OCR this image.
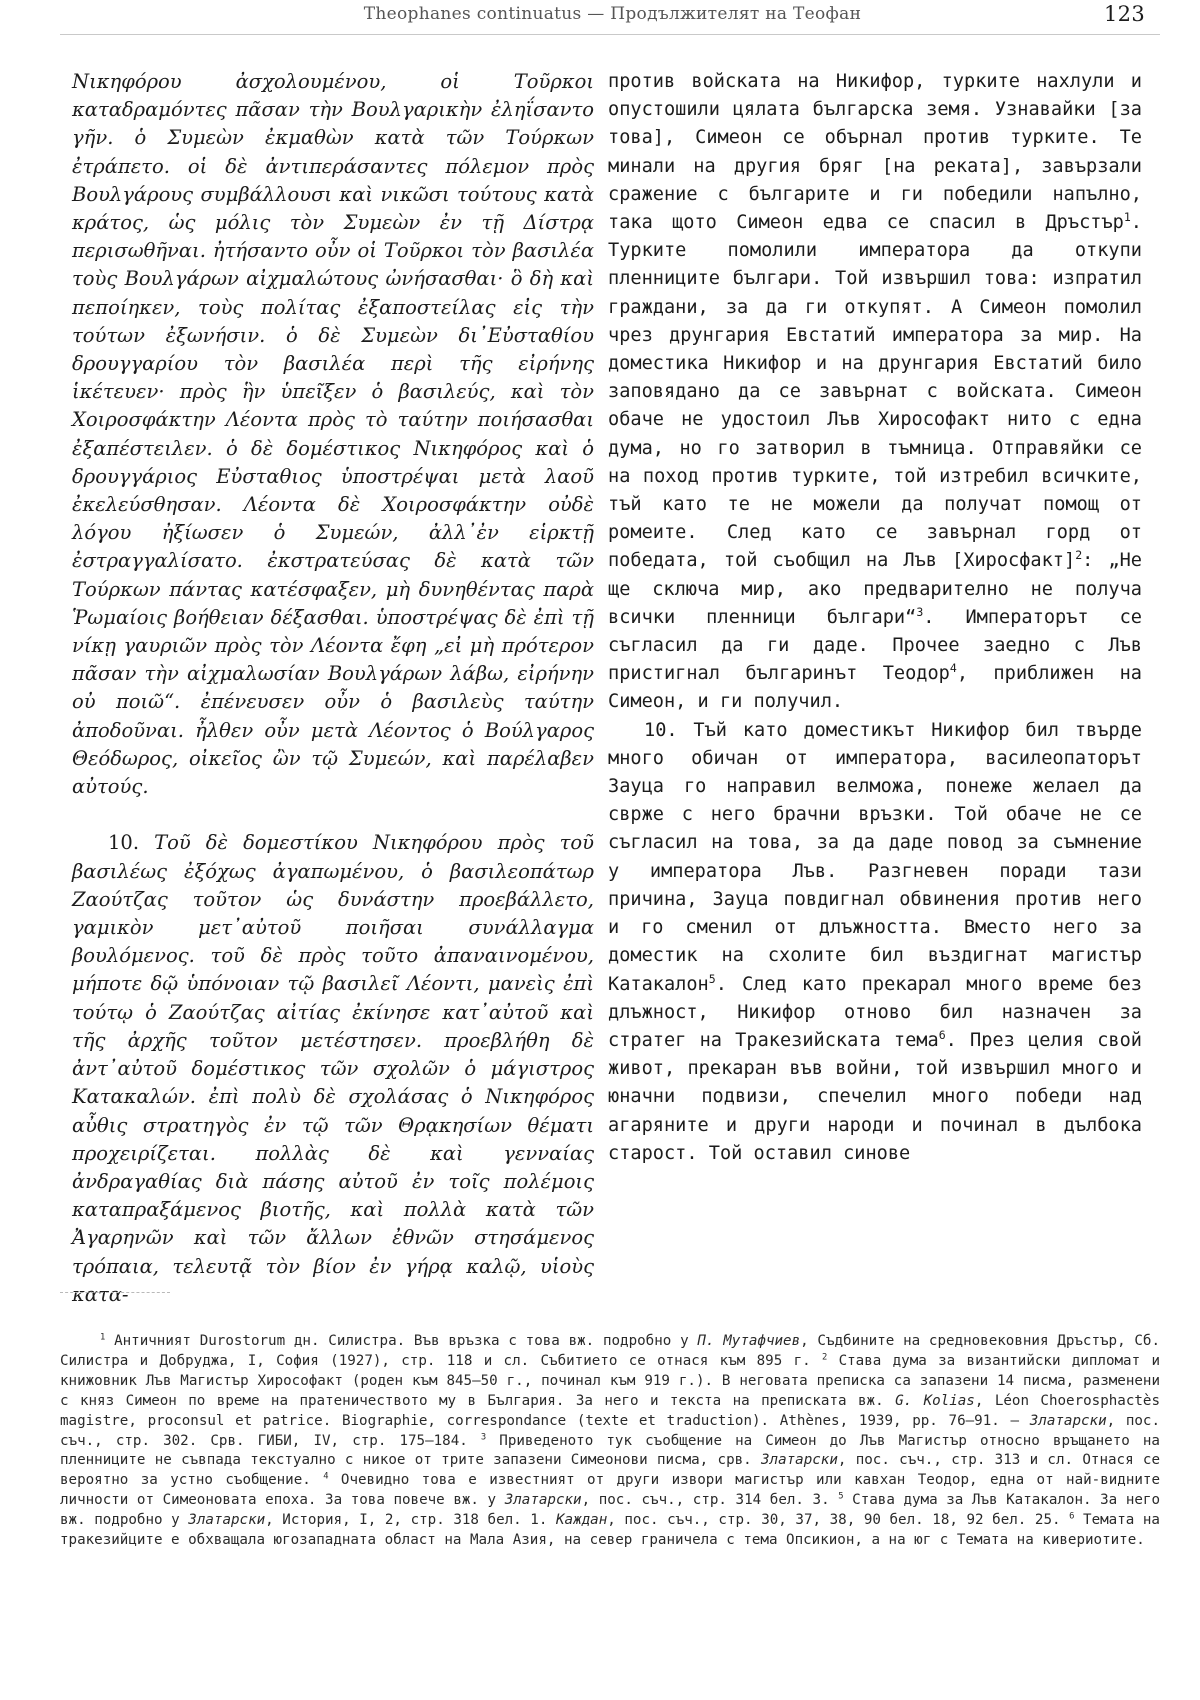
Theophanes continuatus — Продължителят на Теофан	123

Νικηφόρου ἀσχολουμένου, οἱ Τοῦρκοι καταδραμόντες πᾶσαν τὴν Βουλγαρικὴν ἐληΐσαντο γῆν. ὁ Συμεὼν ἐκμαθὼν κατὰ τῶν Τούρκων ἐτράπετο. οἱ δὲ ἀντιπεράσαντες πόλεμον πρὸς Βουλγάρους συμβάλλουσι καὶ νικῶσι τούτους κατὰ κράτος, ὡς μόλις τὸν Συμεὼν ἐν τῇ Δίστρᾳ περισωθῆναι. ἠτήσαντο οὖν οἱ Τοῦρκοι τὸν βασιλέα τοὺς Βουλγάρων αἰχμαλώτους ὠνήσασθαι· ὃ δὴ καὶ πεποίηκεν, τοὺς πολίτας ἐξαποστείλας εἰς τὴν τούτων ἐξωνήσιν. ὁ δὲ Συμεὼν δι᾽Εὐσταθίου δρουγγαρίου τὸν βασιλέα περὶ τῆς εἰρήνης ἱκέτευεν· πρὸς ἣν ὑπεῖξεν ὁ βασιλεύς, καὶ τὸν Χοιροσφάκτην Λέοντα πρὸς τὸ ταύτην ποιήσασθαι ἐξαπέστειλεν. ὁ δὲ δομέστικος Νικηφόρος καὶ ὁ δρουγγάριος Εὐσταθιος ὑποστρέψαι μετὰ λαοῦ ἐκελεύσθησαν. Λέοντα δὲ Χοιροσφάκτην οὐδὲ λόγου ἠξίωσεν ὁ Συμεών, ἀλλ᾽ἐν εἱρκτῇ ἐστραγγαλίσατο. ἐκστρατεύσας δὲ κατὰ τῶν Τούρκων πάντας κατέσφαξεν, μὴ δυνηθέντας παρὰ Ῥωμαίοις βοήθειαν δέξασθαι. ὑποστρέψας δὲ ἐπὶ τῇ νίκῃ γαυριῶν πρὸς τὸν Λέοντα ἔφη „εἰ μὴ πρότερον πᾶσαν τὴν αἰχμαλωσίαν Βουλγάρων λάβω, εἰρήνην οὐ ποιῶ“. ἐπένευσεν οὖν ὁ βασιλεὺς ταύτην ἀποδοῦναι. ἦλθεν οὖν μετὰ Λέοντος ὁ Βούλγαρος Θεόδωρος, οἰκεῖος ὢν τῷ Συμεών, καὶ παρέλαβεν αὐτούς.

10. Τοῦ δὲ δομεστίκου Νικηφόρου πρὸς τοῦ βασιλέως ἐξόχως ἀγαπωμένου, ὁ βασιλεοπάτωρ Ζαούτζας τοῦτον ὡς δυνάστην προεβάλλετο, γαμικὸν μετ᾽αὐτοῦ ποιῆσαι συνάλλαγμα βουλόμενος. τοῦ δὲ πρὸς τοῦτο ἀπαναινομένου, μήποτε δῷ ὑπόνοιαν τῷ βασιλεῖ Λέοντι, μανεὶς ἐπὶ τούτῳ ὁ Ζαούτζας αἰτίας ἐκίνησε κατ᾽αὐτοῦ καὶ τῆς ἀρχῆς τοῦτον μετέστησεν. προεβλήθη δὲ ἀντ᾽αὐτοῦ δομέστικος τῶν σχολῶν ὁ μάγιστρος Κατακαλών. ἐπὶ πολὺ δὲ σχολάσας ὁ Νικηφόρος αὖθις στρατηγὸς ἐν τῷ τῶν Θρᾳκησίων θέματι προχειρίζεται. πολλὰς δὲ καὶ γενναίας ἀνδραγαθίας διὰ πάσης αὐτοῦ ἐν τοῖς πολέμοις καταπραξάμενος βιοτῆς, καὶ πολλὰ κατὰ τῶν Ἀγαρηνῶν καὶ τῶν ἄλλων ἐθνῶν στησάμενος τρόπαια, τελευτᾷ τὸν βίον ἐν γήρᾳ καλῷ, υἱοὺς κατα-

против войската на Никифор, турките нахлули и опустошили цялата българска земя. Узнавайки [за това], Симеон се обърнал против турките. Те минали на другия бряг [на реката], завързали сражение с българите и ги победили напълно, така щото Симеон едва се спасил в Дръстър$^1$. Турките помолили императора да откупи пленниците българи. Той извършил това: изпратил граждани, за да ги откупят. А Симеон помолил чрез друнгария Евстатий императора за мир. На доместика Никифор и на друнгария Евстатий било заповядано да се завърнат с войската. Симеон обаче не удостоил Лъв Хирософакт нито с една дума, но го затворил в тъмница. Отправяйки се на поход против турките, той изтребил всичките, тъй като те не можели да получат помощ от ромеите. След като се завърнал горд от победата, той съобщил на Лъв [Хиросфакт]$^2$: „Не ще сключа мир, ако предварително не получа всички пленници българи“$^3$. Императорът се съгласил да ги даде. Прочее заедно с Лъв пристигнал българинът Теодор$^4$, приближен на Симеон, и ги получил.

10. Тъй като доместикът Никифор бил твърде много обичан от императора, василеопаторът Зауца го направил велможа, понеже желаел да сврже с него брачни връзки. Той обаче не се съгласил на това, за да даде повод за съмнение у императора Лъв. Разгневен поради тази причина, Зауца повдигнал обвинения против него и го сменил от длъжността. Вместо него за доместик на схолите бил въздигнат магистър Катакалон$^5$. След като прекарал много време без длъжност, Никифор отново бил назначен за стратег на Тракезийската тема$^6$. През целия свой живот, прекаран във войни, той извършил много и юначни подвизи, спечелил много победи над агаряните и други народи и починал в дълбока старост. Той оставил синове

$^1$ Античният Durostorum дн. Силистра. Във връзка с това вж. подробно у П. Мутафчиев, Съдбините на средновековния Дръстър, Сб. Силистра и Добруджа, I, София (1927), стр. 118 и сл. Събитието се отнася към 895 г. $^2$ Става дума за византийски дипломат и книжовник Лъв Магистър Хирософакт (роден към 845—50 г., починал към 919 г.). В неговата преписка са запазени 14 писма, разменени с княз Симеон по време на пратеничеството му в България. За него и текста на преписката вж. G. Kolias, Léon Choerosphactès magistre, proconsul et patrice. Biographie, correspondance (texte et traduction). Athènes, 1939, pp. 76—91. — Златарски, пос. съч., стр. 302. Срв. ГИБИ, IV, стр. 175—184. $^3$ Приведеното тук съобщение на Симеон до Лъв Магистър относно връщането на пленниците не съвпада текстуално с никое от трите запазени Симеонови писма, срв. Златарски, пос. съч., стр. 313 и сл. Отнася се вероятно за устно съобщение. $^4$ Очевидно това е известният от други извори магистър или кавхан Теодор, една от най-видните личности от Симеоновата епоха. За това повече вж. у Златарски, пос. съч., стр. 314 бел. 3. $^5$ Става дума за Лъв Катакалон. За него вж. подробно у Златарски, История, I, 2, стр. 318 бел. 1. Каждан, пос. съч., стр. 30, 37, 38, 90 бел. 18, 92 бел. 25. $^6$ Темата на тракезийците е обхващала югозападната област на Мала Азия, на север граничела с тема Опсикион, а на юг с Темата на кивериотите.
